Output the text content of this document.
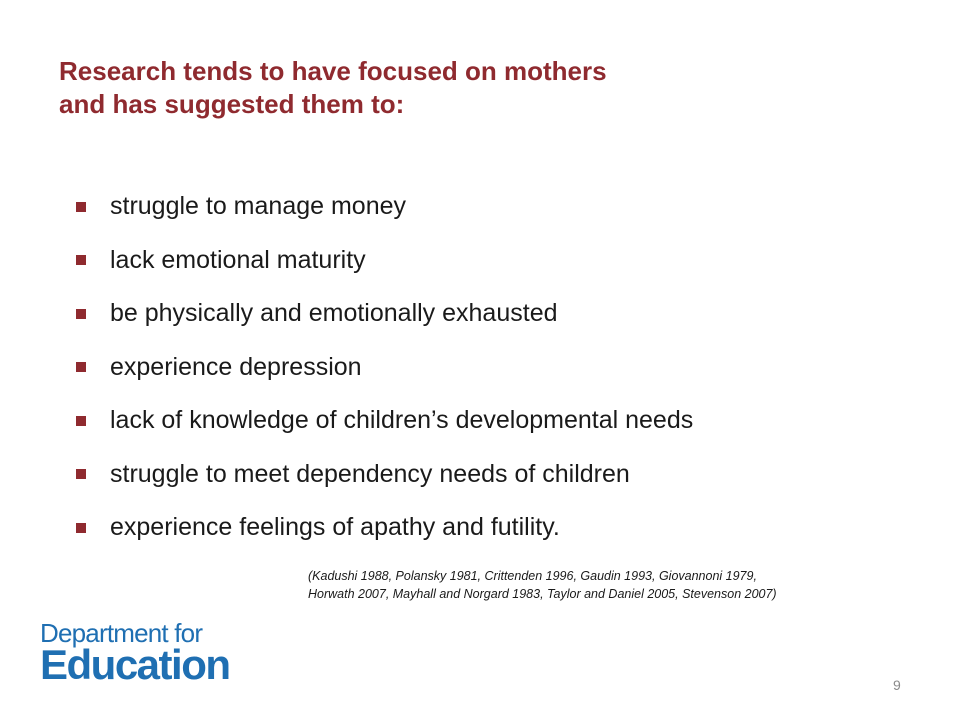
Research tends to have focused on mothers
and has suggested them to:
struggle to manage money
lack emotional maturity
be physically and emotionally exhausted
experience depression
lack of knowledge of children’s developmental needs
struggle to meet dependency needs of children
experience feelings of apathy and futility.

(Kadushi 1988, Polansky 1981, Crittenden 1996, Gaudin 1993, Giovannoni 1979,
Horwath 2007, Mayhall and Norgard 1983, Taylor and Daniel 2005, Stevenson 2007)

Department for
Education	9
